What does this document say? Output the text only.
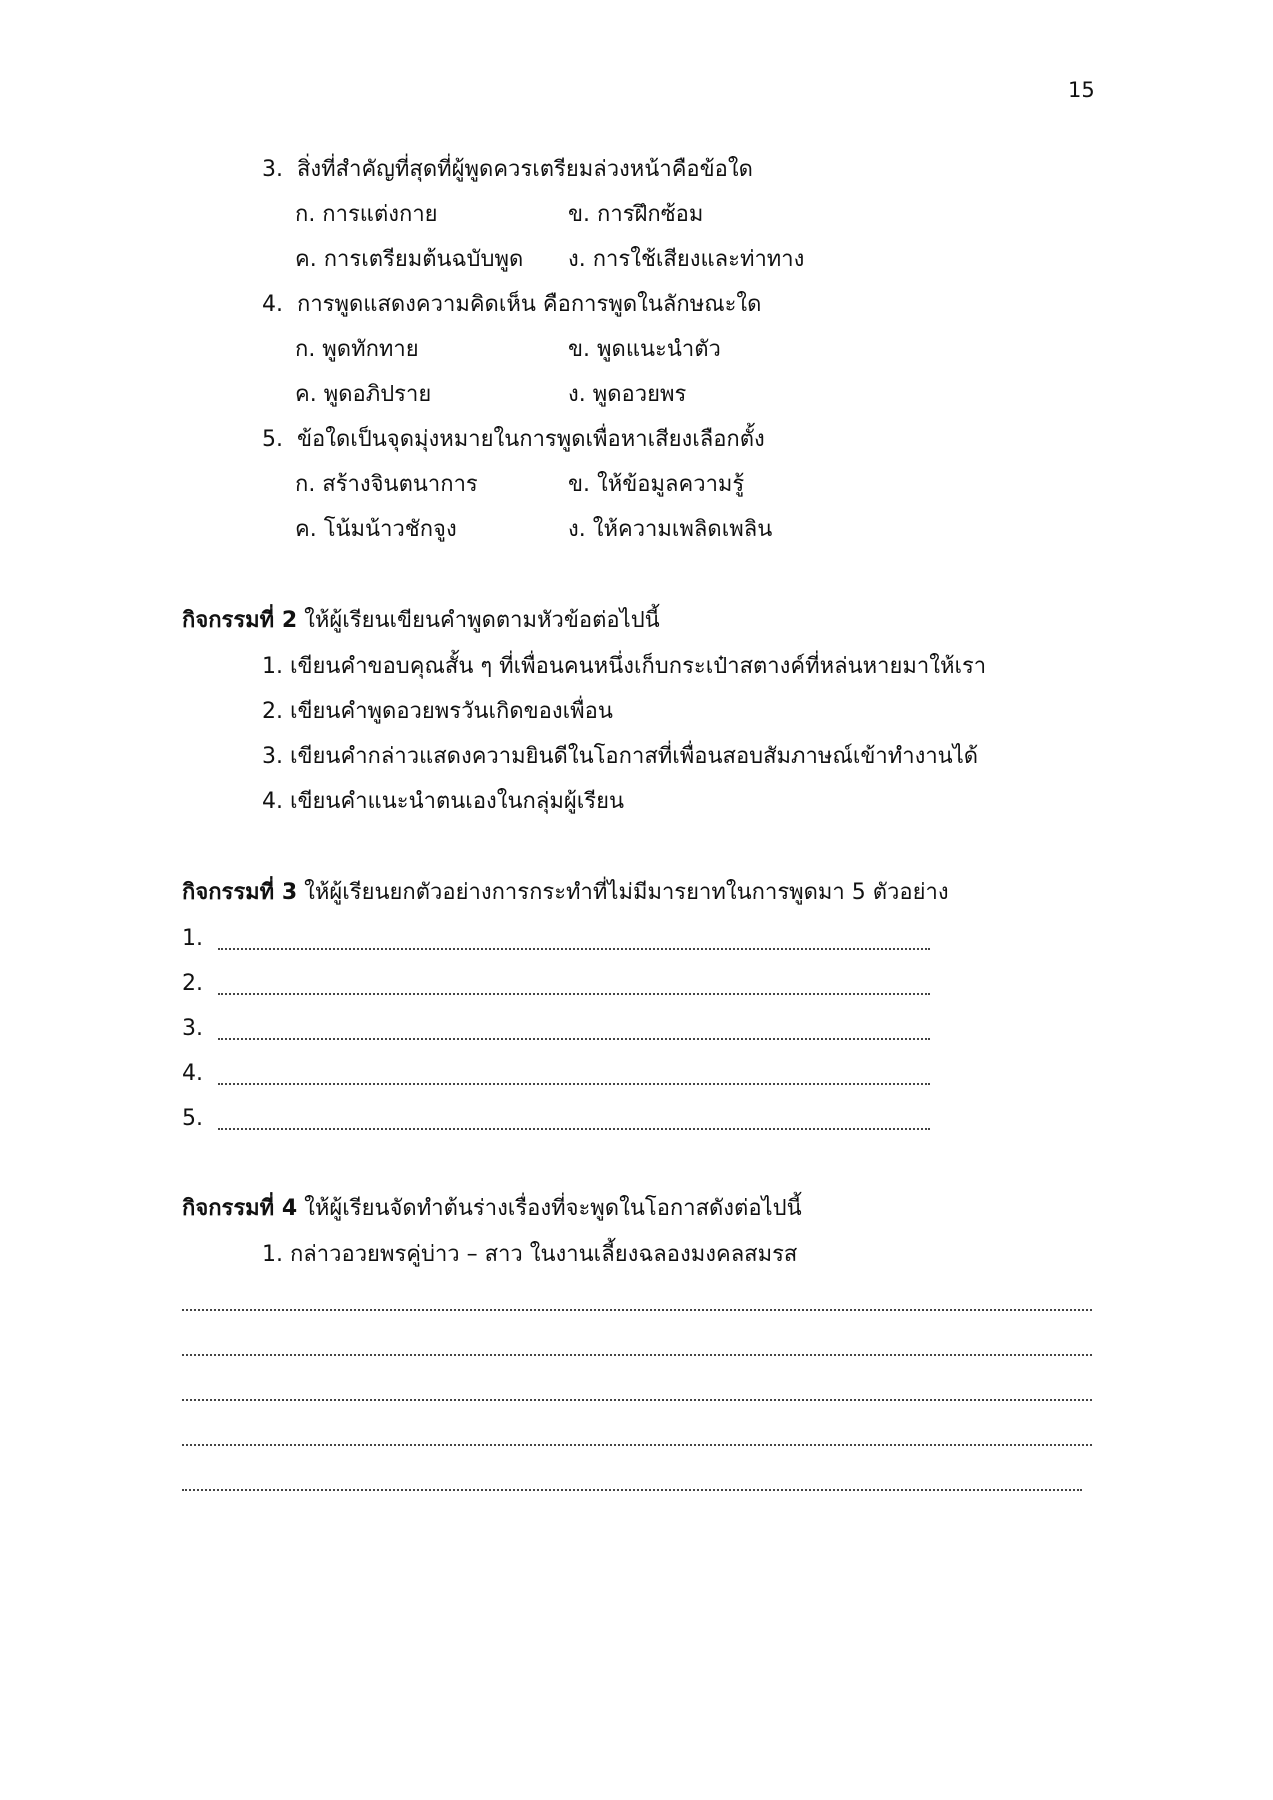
15
3. สิ่งที่สำคัญที่สุดที่ผู้พูดควรเตรียมล่วงหน้าคือข้อใด
ก. การแต่งกาย	ข. การฝึกซ้อม
ค. การเตรียมต้นฉบับพูด ง. การใช้เสียงและท่าทาง
4. การพูดแสดงความคิดเห็น คือการพูดในลักษณะใด
ก. พูดทักทาย	ข. พูดแนะนำตัว
ค. พูดอภิปราย	ง. พูดอวยพร
5. ข้อใดเป็นจุดมุ่งหมายในการพูดเพื่อหาเสียงเลือกตั้ง
ก. สร้างจินตนาการ	ข. ให้ข้อมูลความรู้
ค. โน้มน้าวชักจูง	ง. ให้ความเพลิดเพลิน
กิจกรรมที่ 2 ให้ผู้เรียนเขียนคำพูดตามหัวข้อต่อไปนี้
1. เขียนคำขอบคุณสั้น ๆ ที่เพื่อนคนหนึ่งเก็บกระเป๋าสตางค์ที่หล่นหายมาให้เรา
2. เขียนคำพูดอวยพรวันเกิดของเพื่อน
3. เขียนคำกล่าวแสดงความยินดีในโอกาสที่เพื่อนสอบสัมภาษณ์เข้าทำงานได้
4. เขียนคำแนะนำตนเองในกลุ่มผู้เรียน
กิจกรรมที่ 3 ให้ผู้เรียนยกตัวอย่างการกระทำที่ไม่มีมารยาทในการพูดมา 5 ตัวอย่าง
1.
2.
3.
4.
5.
กิจกรรมที่ 4 ให้ผู้เรียนจัดทำต้นร่างเรื่องที่จะพูดในโอกาสดังต่อไปนี้
1. กล่าวอวยพรคู่บ่าว – สาว ในงานเลี้ยงฉลองมงคลสมรส
